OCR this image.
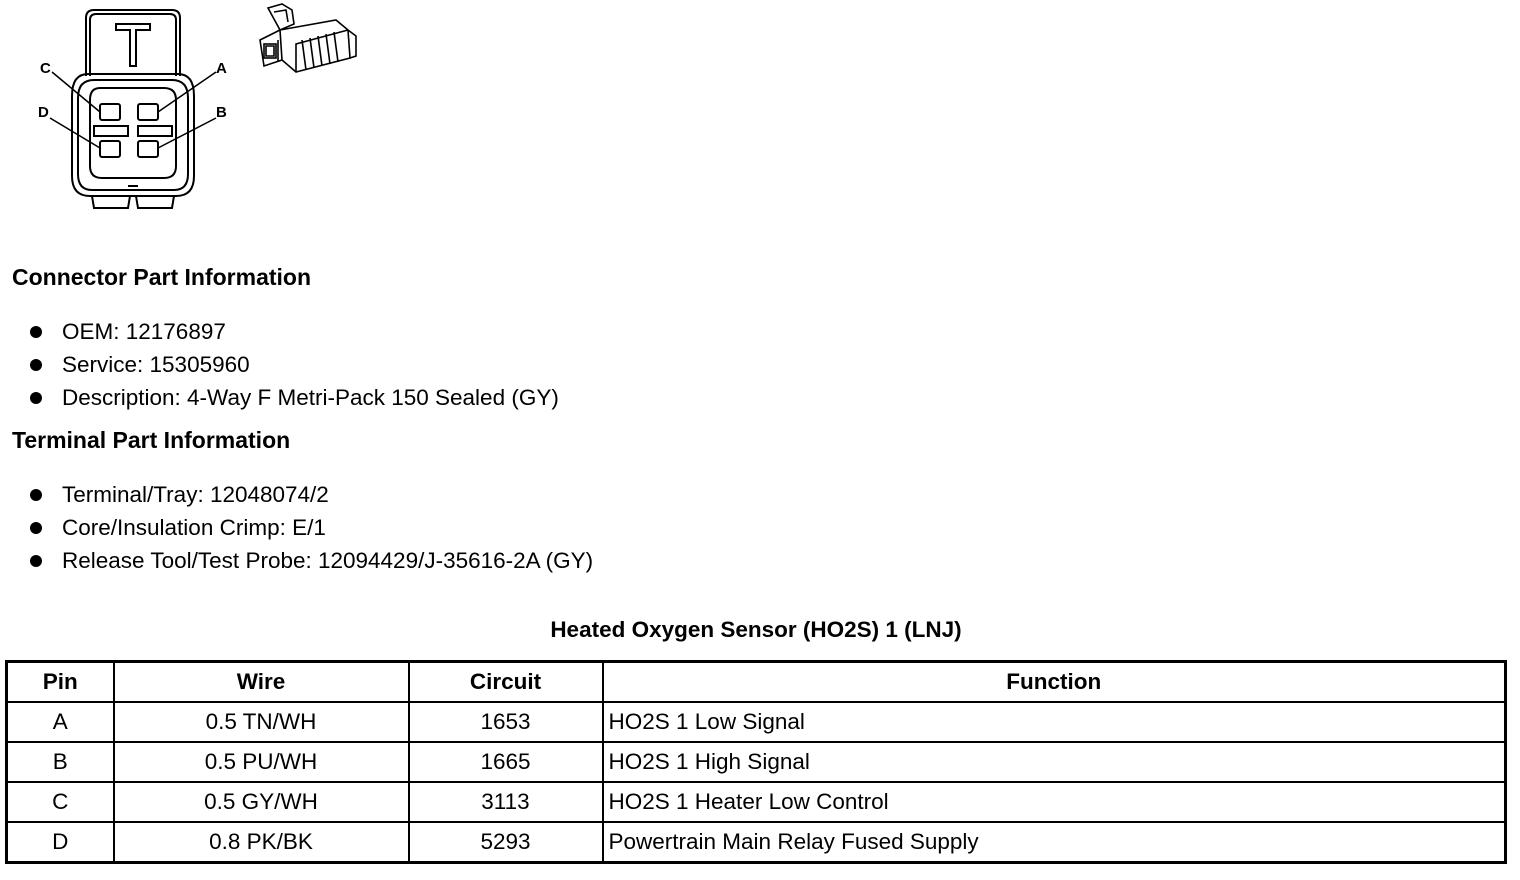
C	A
D	B
Connector Part Information
OEM: 12176897
Service: 15305960
Description: 4-Way F Metri-Pack 150 Sealed (GY)
Terminal Part Information
Terminal/Tray: 12048074/2
Core/Insulation Crimp: E/1
Release Tool/Test Probe: 12094429/J-35616-2A (GY)
Heated Oxygen Sensor (HO2S) 1 (LNJ)
Pin	Wire	Circuit	Function
A	0.5 TN/WH	1653	HO2S 1 Low Signal
B	0.5 PU/WH	1665	HO2S 1 High Signal
C	0.5 GY/WH	3113	HO2S 1 Heater Low Control
D	0.8 PK/BK	5293	Powertrain Main Relay Fused Supply
